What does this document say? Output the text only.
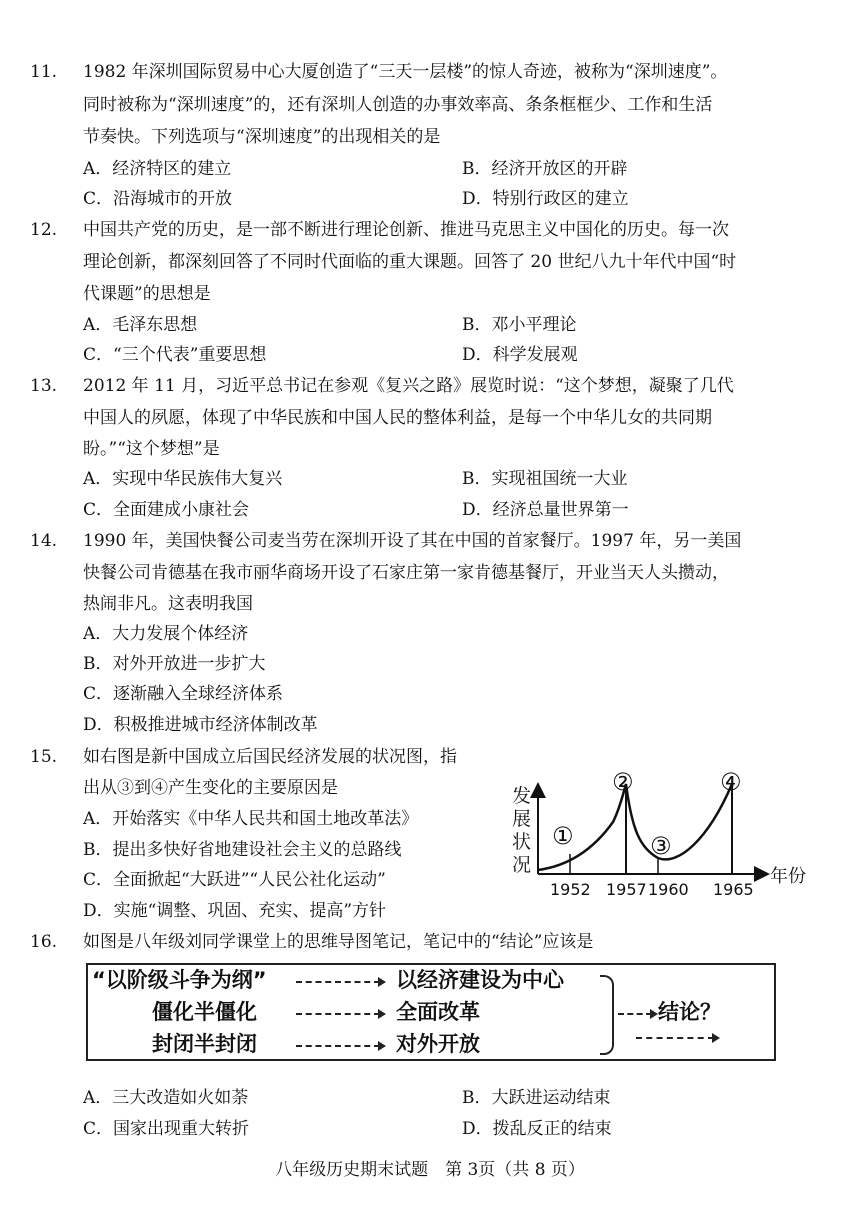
11. 1982 年深圳国际贸易中心大厦创造了“三天一层楼”的惊人奇迹，被称为“深圳速度”。
同时被称为“深圳速度”的，还有深圳人创造的办事效率高、条条框框少、工作和生活
节奏快。下列选项与“深圳速度”的出现相关的是
A．经济特区的建立	B．经济开放区的开辟
C．沿海城市的开放	D．特别行政区的建立
12. 中国共产党的历史，是一部不断进行理论创新、推进马克思主义中国化的历史。每一次
理论创新，都深刻回答了不同时代面临的重大课题。回答了 20 世纪八九十年代中国“时
代课题”的思想是
A．毛泽东思想	B．邓小平理论
C．“三个代表”重要思想	D．科学发展观
13. 2012 年 11 月，习近平总书记在参观《复兴之路》展览时说：“这个梦想，凝聚了几代
中国人的夙愿，体现了中华民族和中国人民的整体利益，是每一个中华儿女的共同期
盼。”“这个梦想”是
A．实现中华民族伟大复兴	B．实现祖国统一大业
C．全面建成小康社会	D．经济总量世界第一
14. 1990 年，美国快餐公司麦当劳在深圳开设了其在中国的首家餐厅。1997 年，另一美国
快餐公司肯德基在我市丽华商场开设了石家庄第一家肯德基餐厅，开业当天人头攒动，
热闹非凡。这表明我国
A．大力发展个体经济
B．对外开放进一步扩大
C．逐渐融入全球经济体系
D．积极推进城市经济体制改革
15. 如右图是新中国成立后国民经济发展的状况图，指
出从③到④产生变化的主要原因是
A．开始落实《中华人民共和国土地改革法》
B．提出多快好省地建设社会主义的总路线
C．全面掀起“大跃进”“人民公社化运动”
D．实施“调整、巩固、充实、提高”方针
发
展
状
况
年份
①
②
③
④
1952 1957 1960 1965
16. 如图是八年级刘同学课堂上的思维导图笔记，笔记中的“结论”应该是
“以阶级斗争为纲”	以经济建设为中心
僵化半僵化	全面改革
封闭半封闭	对外开放
结论？
A．三大改造如火如荼	B．大跃进运动结束
C．国家出现重大转折	D．拨乱反正的结束
八年级历史期末试题　第 3页（共 8 页）
